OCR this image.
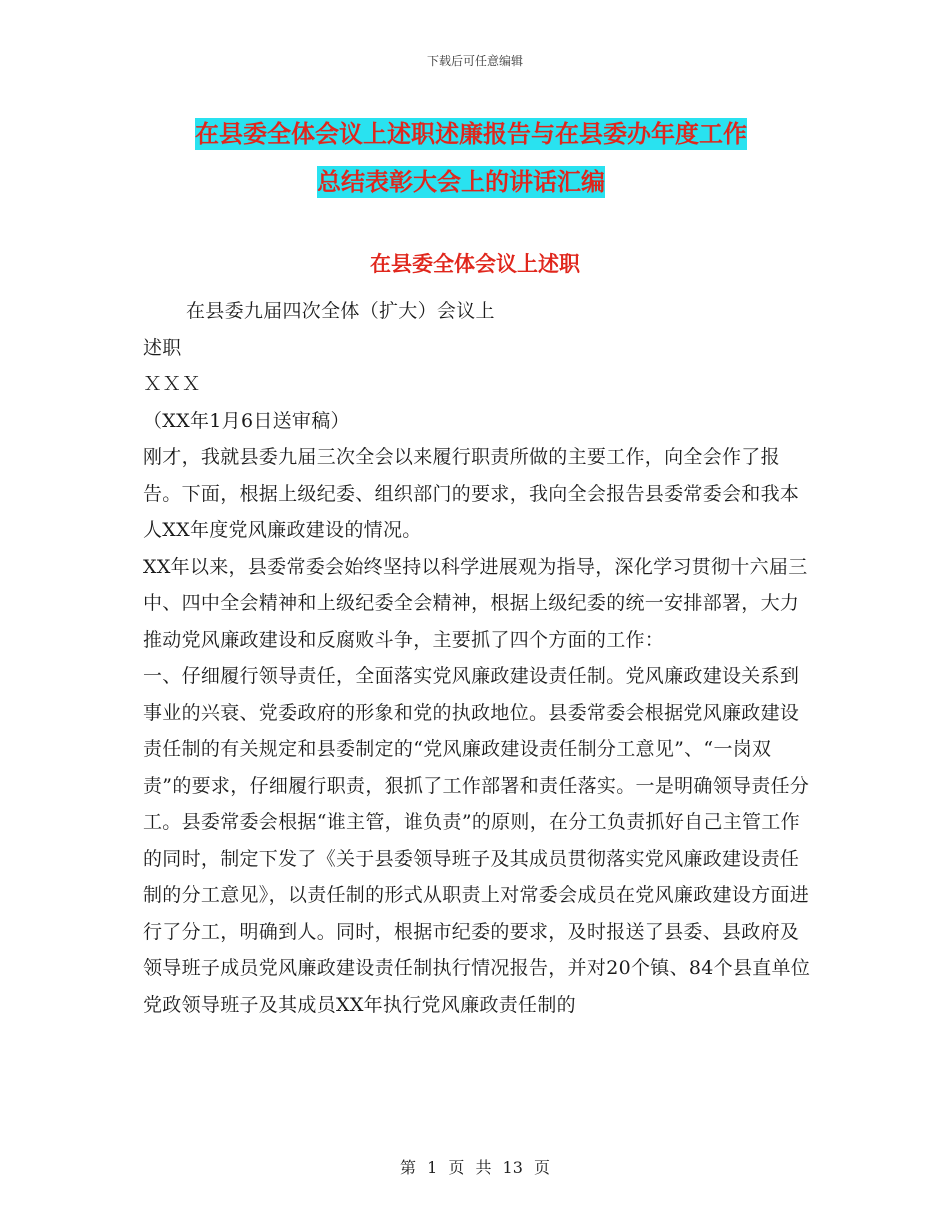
下载后可任意编辑
在县委全体会议上述职述廉报告与在县委办年度工作
总结表彰大会上的讲话汇编
在县委全体会议上述职

在县委九届四次全体（扩大）会议上

述职

ＸＸＸ

（XX年1月6日送审稿）

刚才，我就县委九届三次全会以来履行职责所做的主要工作，向全会作了报告。下面，根据上级纪委、组织部门的要求，我向全会报告县委常委会和我本人XX年度党风廉政建设的情况。

XX年以来，县委常委会始终坚持以科学进展观为指导，深化学习贯彻十六届三中、四中全会精神和上级纪委全会精神，根据上级纪委的统一安排部署，大力推动党风廉政建设和反腐败斗争，主要抓了四个方面的工作：

一、仔细履行领导责任，全面落实党风廉政建设责任制。党风廉政建设关系到事业的兴衰、党委政府的形象和党的执政地位。县委常委会根据党风廉政建设责任制的有关规定和县委制定的“党风廉政建设责任制分工意见”、“一岗双责”的要求，仔细履行职责，狠抓了工作部署和责任落实。一是明确领导责任分工。县委常委会根据“谁主管，谁负责”的原则，在分工负责抓好自己主管工作的同时，制定下发了《关于县委领导班子及其成员贯彻落实党风廉政建设责任制的分工意见》，以责任制的形式从职责上对常委会成员在党风廉政建设方面进行了分工，明确到人。同时，根据市纪委的要求，及时报送了县委、县政府及领导班子成员党风廉政建设责任制执行情况报告，并对20个镇、84个县直单位党政领导班子及其成员XX年执行党风廉政责任制的

第 1 页 共 13 页
